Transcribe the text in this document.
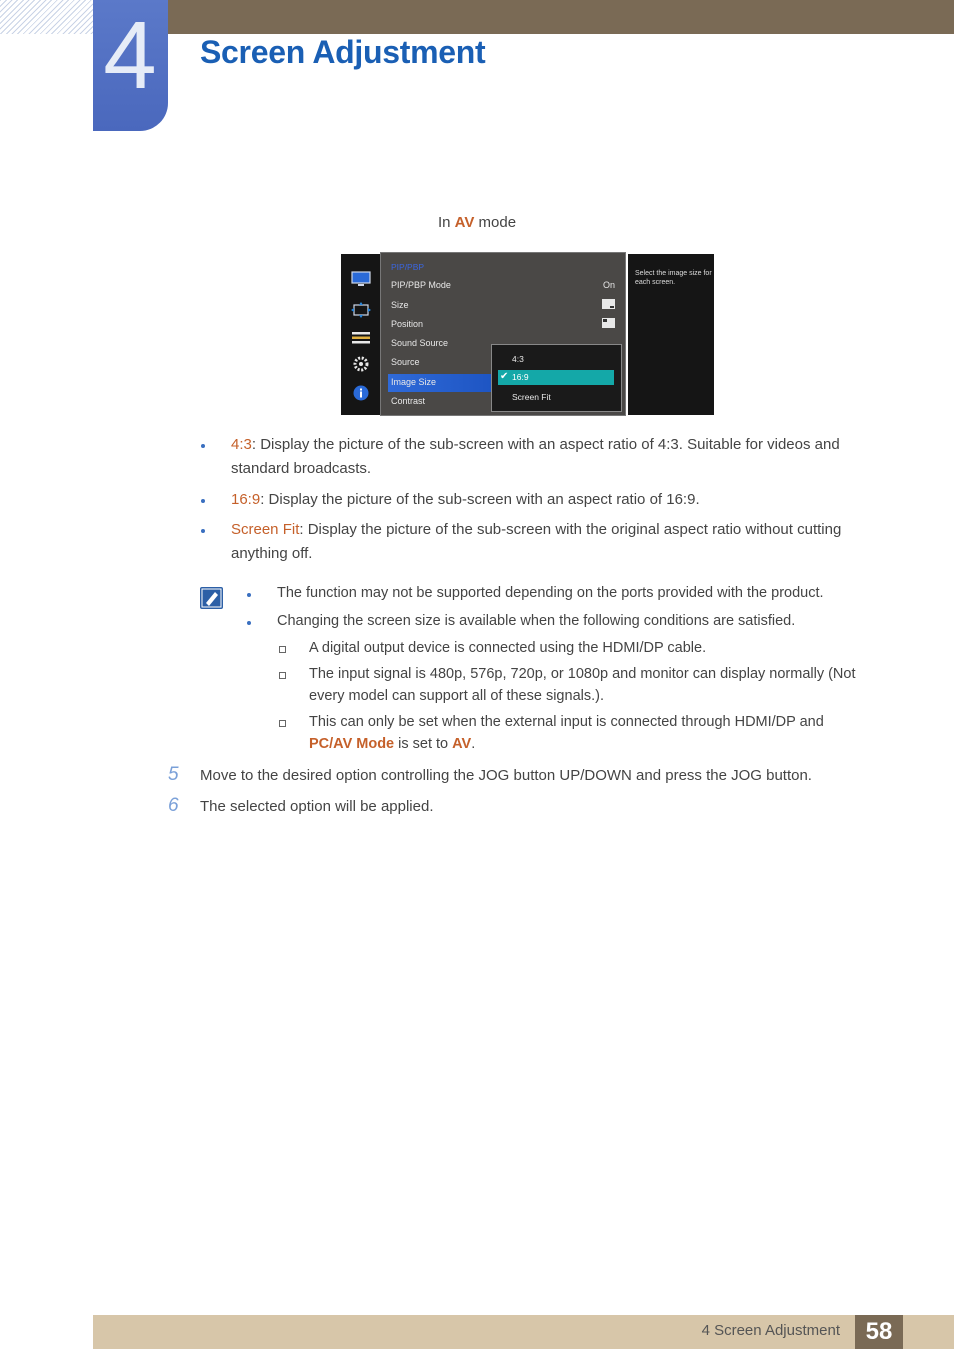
4 Screen Adjustment
In AV mode
PIP/PBP
PIP/PBP Mode	On
Size
Position
Sound Source
Source
Image Size
Contrast
4:3
✔ 16:9
Screen Fit
Select the image size for each screen.
4:3: Display the picture of the sub-screen with an aspect ratio of 4:3. Suitable for videos and standard broadcasts.
16:9: Display the picture of the sub-screen with an aspect ratio of 16:9.
Screen Fit: Display the picture of the sub-screen with the original aspect ratio without cutting anything off.
The function may not be supported depending on the ports provided with the product.
Changing the screen size is available when the following conditions are satisfied.
A digital output device is connected using the HDMI/DP cable.
The input signal is 480p, 576p, 720p, or 1080p and monitor can display normally (Not every model can support all of these signals.).
This can only be set when the external input is connected through HDMI/DP and PC/AV Mode is set to AV.
5 Move to the desired option controlling the JOG button UP/DOWN and press the JOG button.
6 The selected option will be applied.
4 Screen Adjustment	58
